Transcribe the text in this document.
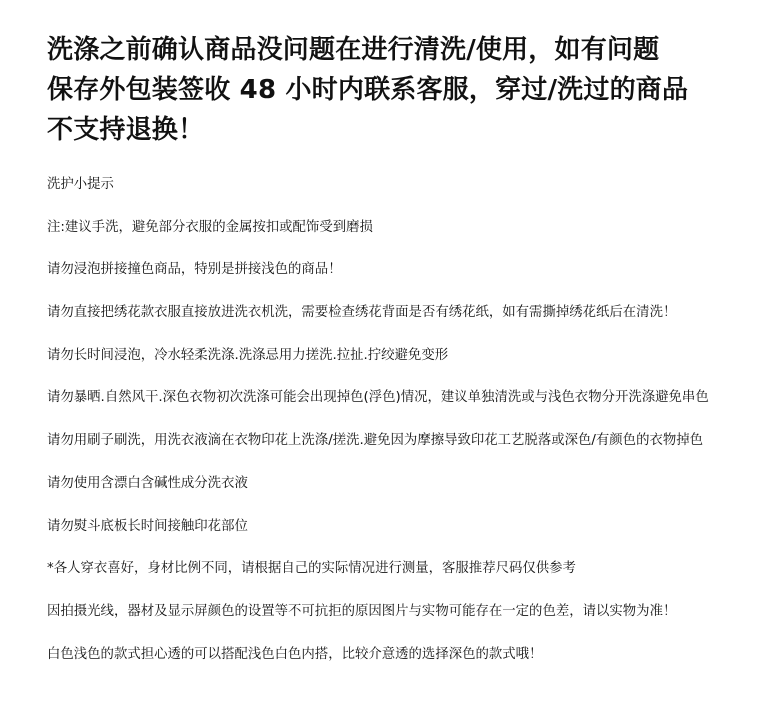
洗涤之前确认商品没问题在进行清洗/使用，如有问题
保存外包装签收 48 小时内联系客服，穿过/洗过的商品
不支持退换！
洗护小提示
注:建议手洗，避免部分衣服的金属按扣或配饰受到磨损
请勿浸泡拼接撞色商品，特别是拼接浅色的商品！
请勿直接把绣花款衣服直接放进洗衣机洗，需要检查绣花背面是否有绣花纸，如有需撕掉绣花纸后在清洗！
请勿长时间浸泡，冷水轻柔洗涤.洗涤忌用力搓洗.拉扯.拧绞避免变形
请勿暴晒.自然风干.深色衣物初次洗涤可能会出现掉色(浮色)情况，建议单独清洗或与浅色衣物分开洗涤避免串色
请勿用刷子刷洗，用洗衣液滴在衣物印花上洗涤/搓洗.避免因为摩擦导致印花工艺脱落或深色/有颜色的衣物掉色
请勿使用含漂白含碱性成分洗衣液
请勿熨斗底板长时间接触印花部位
*各人穿衣喜好，身材比例不同，请根据自己的实际情况进行测量，客服推荐尺码仅供参考
因拍摄光线，器材及显示屏颜色的设置等不可抗拒的原因图片与实物可能存在一定的色差，请以实物为准！
白色浅色的款式担心透的可以搭配浅色白色内搭，比较介意透的选择深色的款式哦！
